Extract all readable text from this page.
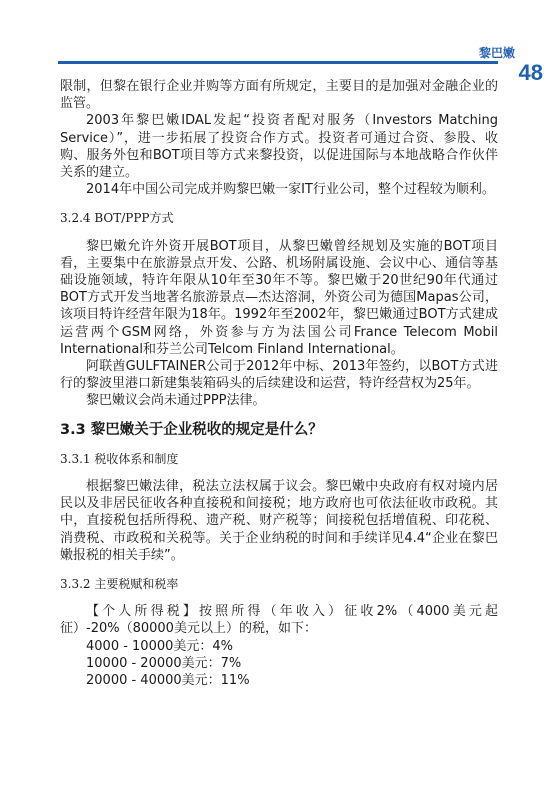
黎巴嫩
48

限制，但黎在银行企业并购等方面有所规定，主要目的是加强对金融企业的监管。

2003年黎巴嫩IDAL发起“投资者配对服务（Investors Matching Service）”，进一步拓展了投资合作方式。投资者可通过合资、参股、收购、服务外包和BOT项目等方式来黎投资，以促进国际与本地战略合作伙伴关系的建立。

2014年中国公司完成并购黎巴嫩一家IT行业公司，整个过程较为顺利。

3.2.4 BOT/PPP方式

黎巴嫩允许外资开展BOT项目，从黎巴嫩曾经规划及实施的BOT项目看，主要集中在旅游景点开发、公路、机场附属设施、会议中心、通信等基础设施领域，特许年限从10年至30年不等。黎巴嫩于20世纪90年代通过BOT方式开发当地著名旅游景点—杰达溶洞，外资公司为德国Mapas公司，该项目特许经营年限为18年。1992年至2002年，黎巴嫩通过BOT方式建成运营两个GSM网络，外资参与方为法国公司France Telecom Mobil International和芬兰公司Telcom Finland International。

阿联酋GULFTAINER公司于2012年中标、2013年签约，以BOT方式进行的黎波里港口新建集装箱码头的后续建设和运营，特许经营权为25年。

黎巴嫩议会尚未通过PPP法律。

3.3 黎巴嫩关于企业税收的规定是什么？
3.3.1 税收体系和制度

根据黎巴嫩法律，税法立法权属于议会。黎巴嫩中央政府有权对境内居民以及非居民征收各种直接税和间接税；地方政府也可依法征收市政税。其中，直接税包括所得税、遗产税、财产税等；间接税包括增值税、印花税、消费税、市政税和关税等。关于企业纳税的时间和手续详见4.4“企业在黎巴嫩报税的相关手续”。

3.3.2 主要税赋和税率

【个人所得税】按照所得（年收入）征收2%（4000美元起征）-20%（80000美元以上）的税，如下：

4000 - 10000美元：4%
10000 - 20000美元：7%
20000 - 40000美元：11%
